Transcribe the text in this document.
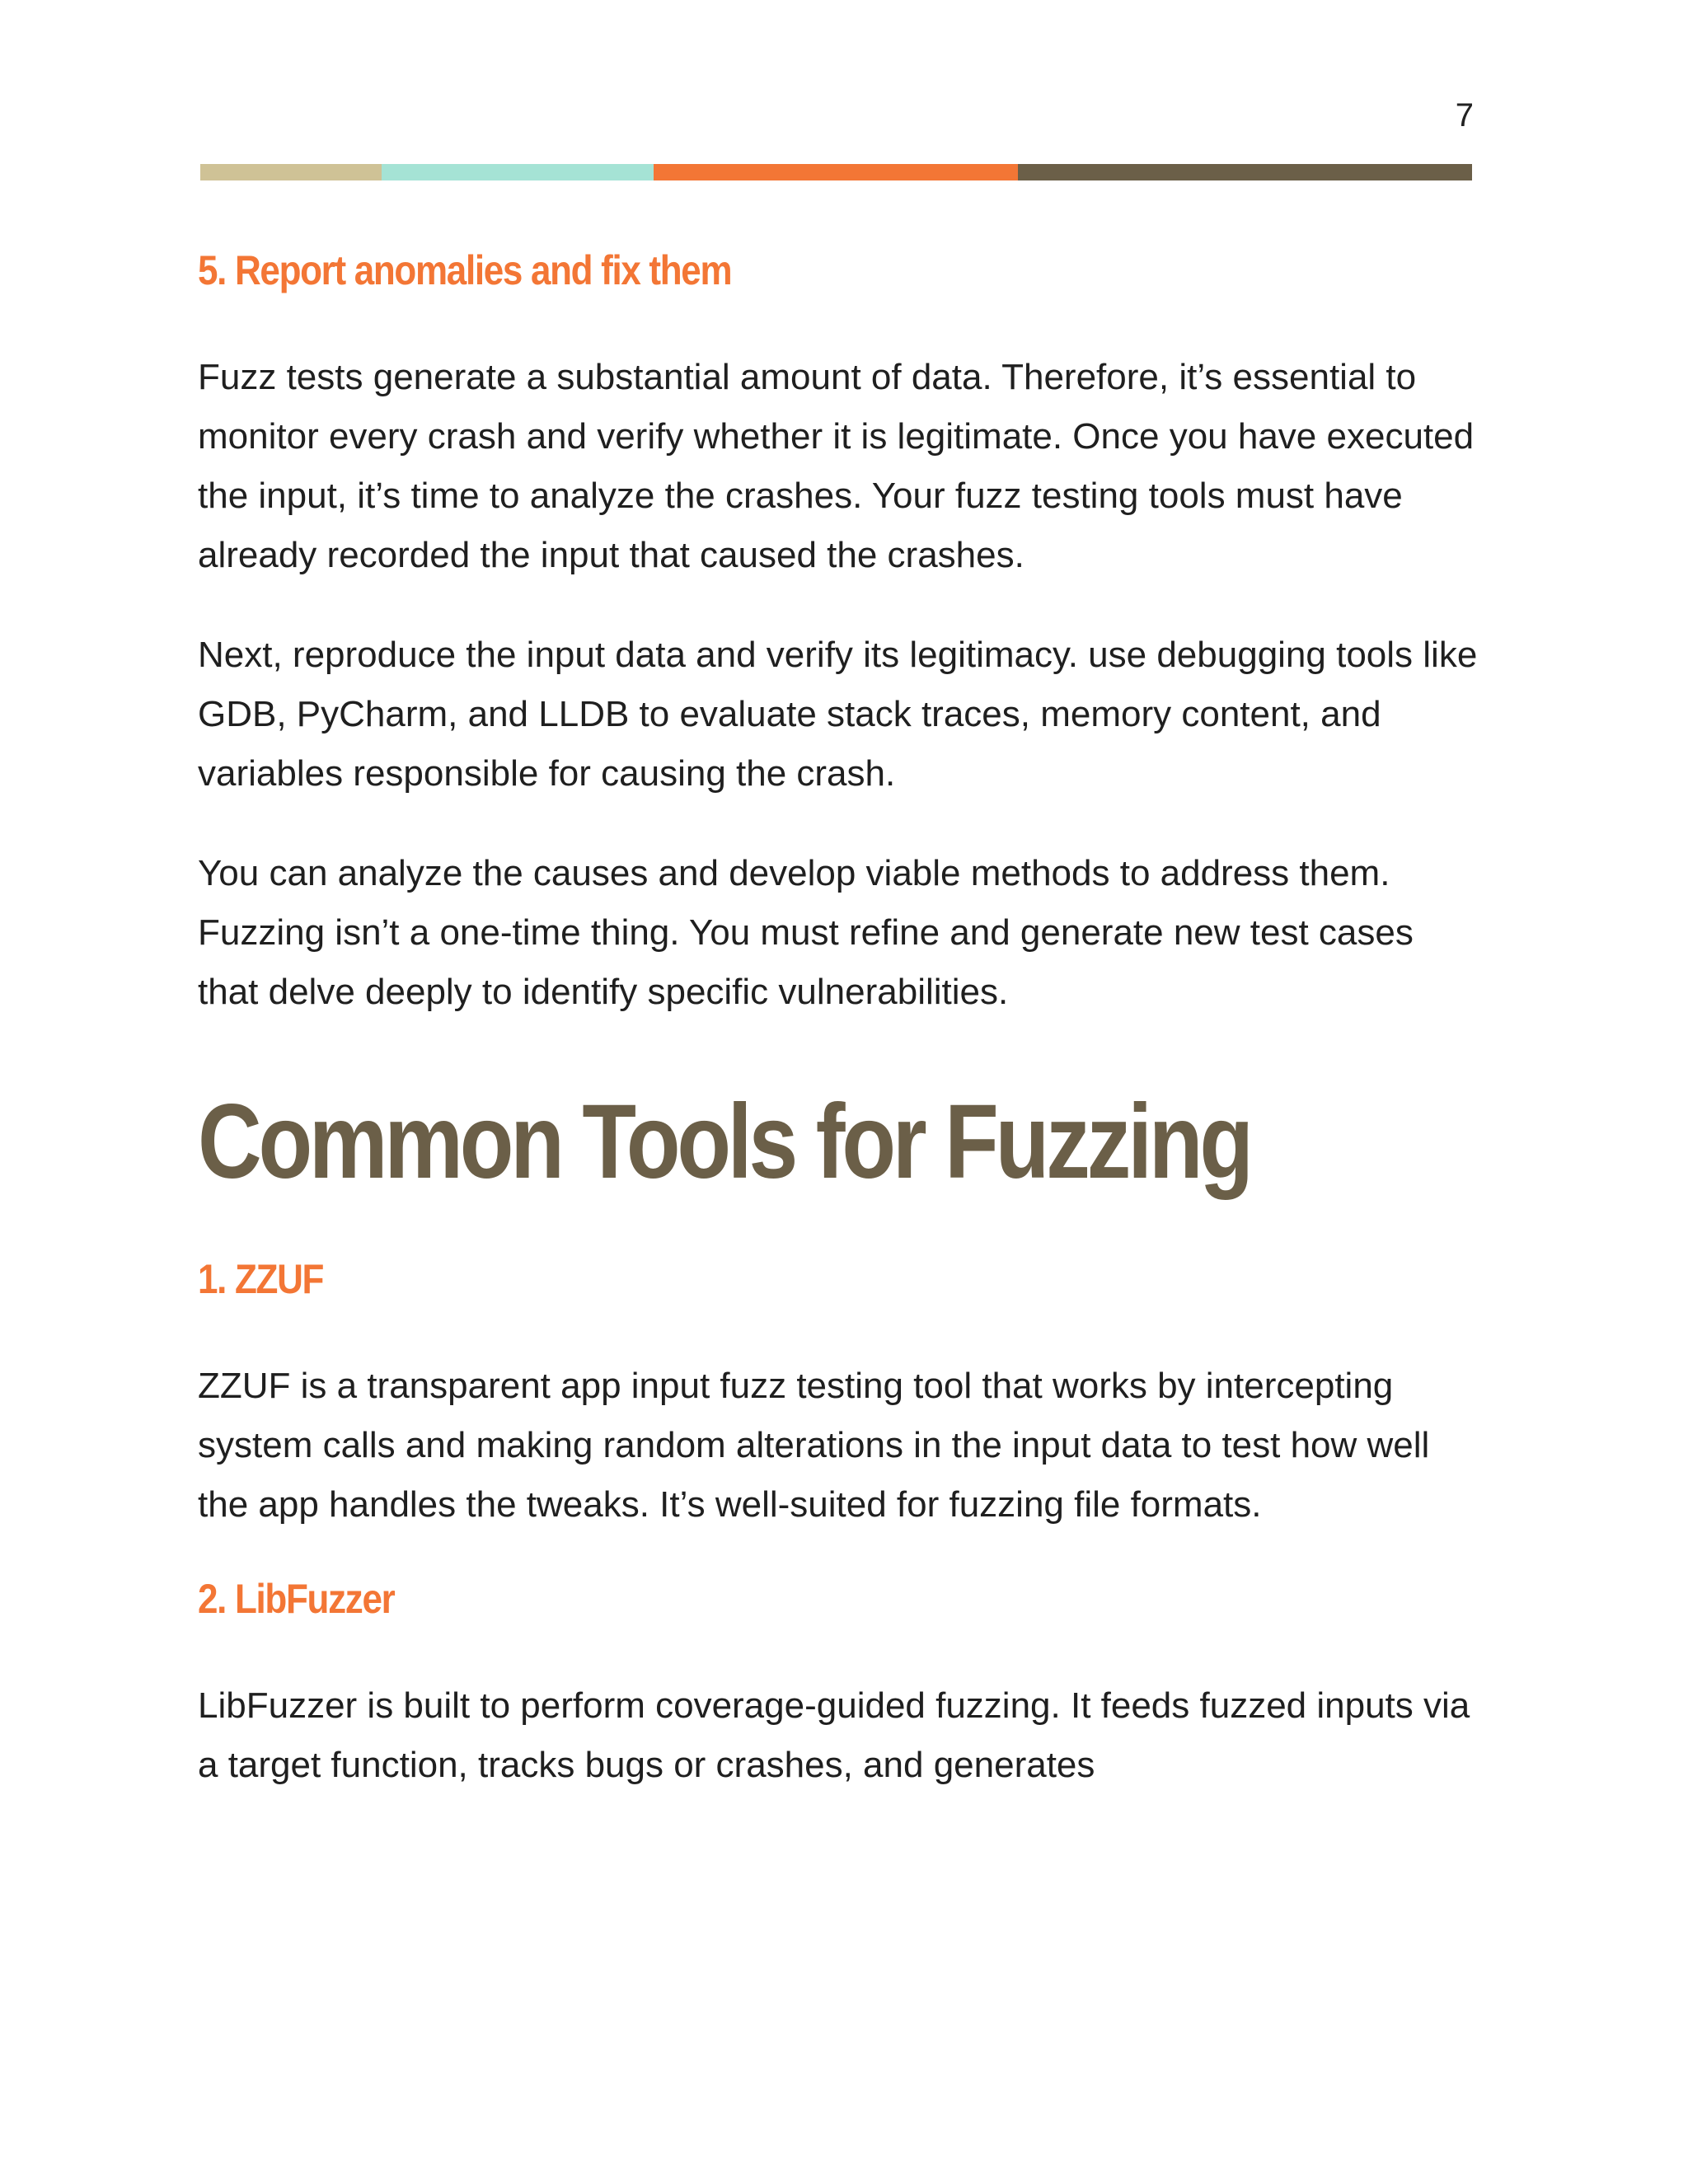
7
5. Report anomalies and fix them

Fuzz tests generate a substantial amount of data. Therefore, it’s essential to monitor every crash and verify whether it is legitimate. Once you have executed the input, it’s time to analyze the crashes. Your fuzz testing tools must have already recorded the input that caused the crashes.

Next, reproduce the input data and verify its legitimacy. use debugging tools like GDB, PyCharm, and LLDB to evaluate stack traces, memory content, and variables responsible for causing the crash.

You can analyze the causes and develop viable methods to address them. Fuzzing isn’t a one-time thing. You must refine and generate new test cases that delve deeply to identify specific vulnerabilities.

Common Tools for Fuzzing
1. ZZUF

ZZUF is a transparent app input fuzz testing tool that works by intercepting system calls and making random alterations in the input data to test how well the app handles the tweaks. It’s well-suited for fuzzing file formats.

2. LibFuzzer

LibFuzzer is built to perform coverage-guided fuzzing. It feeds fuzzed inputs via a target function, tracks bugs or crashes, and generates
